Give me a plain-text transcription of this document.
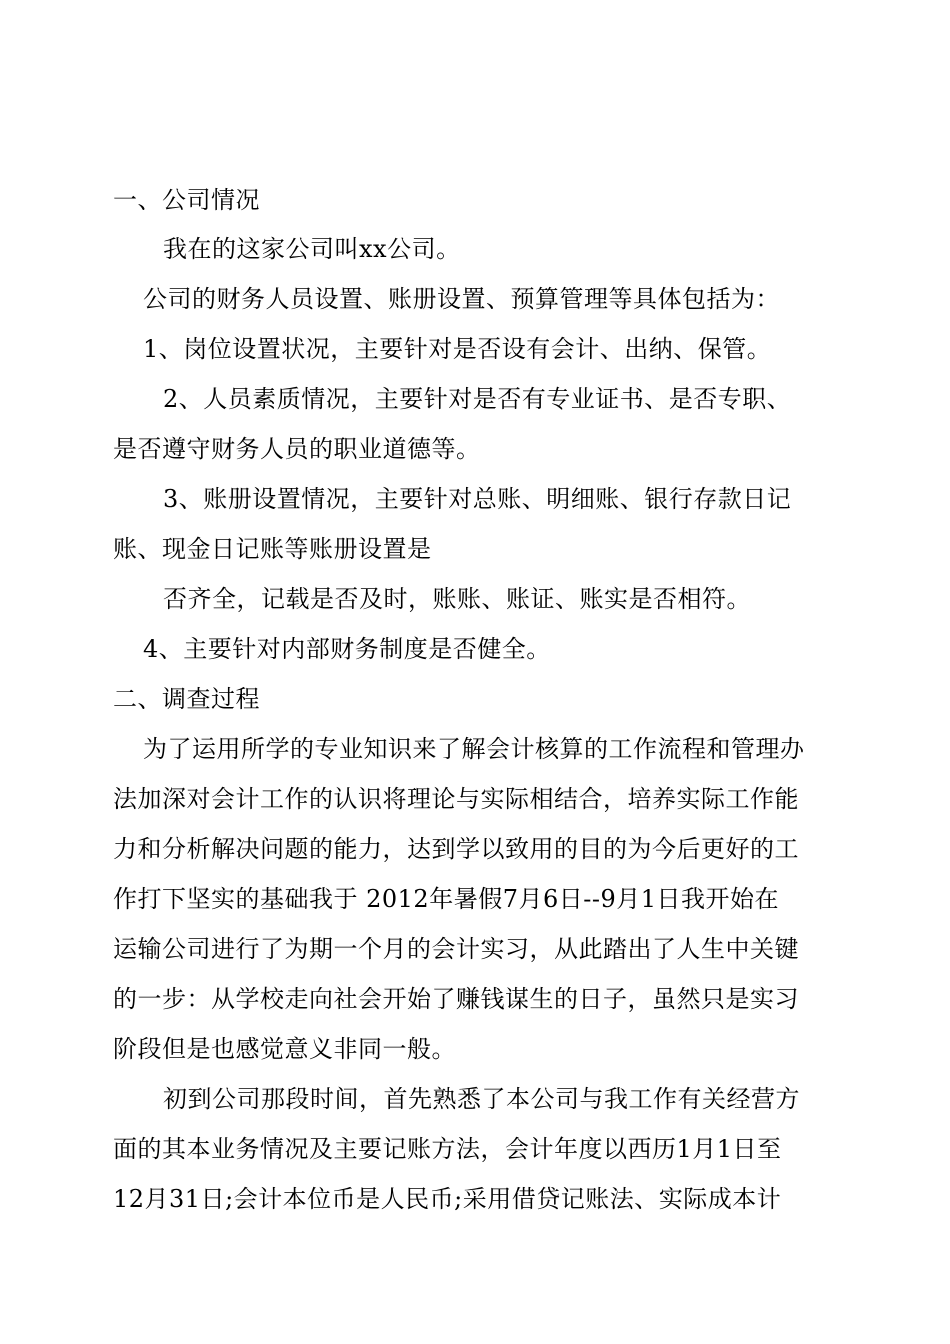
一、公司情况
我在的这家公司叫xx公司。
公司的财务人员设置、账册设置、预算管理等具体包括为：
1、岗位设置状况，主要针对是否设有会计、出纳、保管。
2、人员素质情况，主要针对是否有专业证书、是否专职、
是否遵守财务人员的职业道德等。
3、账册设置情况，主要针对总账、明细账、银行存款日记
账、现金日记账等账册设置是
否齐全，记载是否及时，账账、账证、账实是否相符。
4、主要针对内部财务制度是否健全。
二、调查过程
为了运用所学的专业知识来了解会计核算的工作流程和管理办
法加深对会计工作的认识将理论与实际相结合，培养实际工作能
力和分析解决问题的能力，达到学以致用的目的为今后更好的工
作打下坚实的基础我于 2012年暑假7月6日--9月1日我开始在
运输公司进行了为期一个月的会计实习，从此踏出了人生中关键
的一步：从学校走向社会开始了赚钱谋生的日子，虽然只是实习
阶段但是也感觉意义非同一般。
初到公司那段时间，首先熟悉了本公司与我工作有关经营方
面的其本业务情况及主要记账方法，会计年度以西历1月1日至
12月31日;会计本位币是人民币;采用借贷记账法、实际成本计
